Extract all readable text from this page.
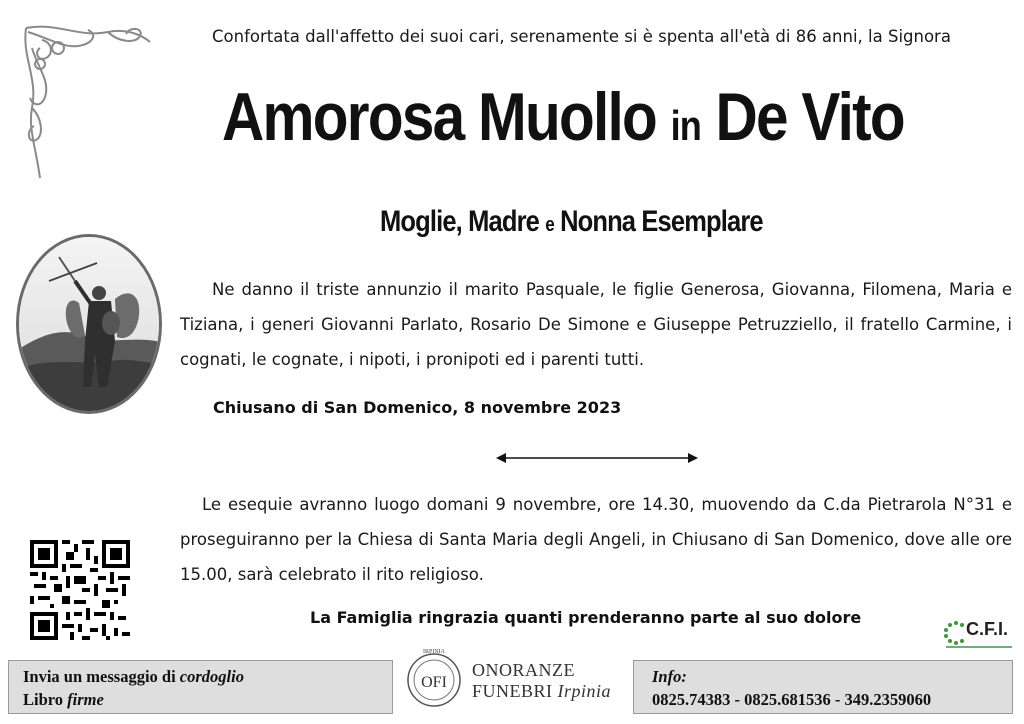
Confortata dall'affetto dei suoi cari, serenamente si è spenta all'età di 86 anni, la Signora
Amorosa Muollo in De Vito
Moglie, Madre e Nonna Esemplare
Ne danno il triste annunzio il marito Pasquale, le figlie Generosa, Giovanna, Filomena, Maria e Tiziana, i generi Giovanni Parlato, Rosario De Simone e Giuseppe Petruzziello, il fratello Carmine, i cognati, le cognate, i nipoti, i pronipoti ed i parenti tutti.
Chiusano di San Domenico, 8 novembre 2023
Le esequie avranno luogo domani 9 novembre, ore 14.30, muovendo da C.da Pietrarola N°31 e proseguiranno per la Chiesa di Santa Maria degli Angeli, in Chiusano di San Domenico, dove alle ore 15.00, sarà celebrato il rito religioso.
La Famiglia ringrazia quanti prenderanno parte al suo dolore
C.F.I.
Invia un messaggio di cordoglio
Libro firme
IRPINIA
OFI
ONORANZE
FUNEBRI Irpinia
Info:
0825.74383 - 0825.681536 - 349.2359060
